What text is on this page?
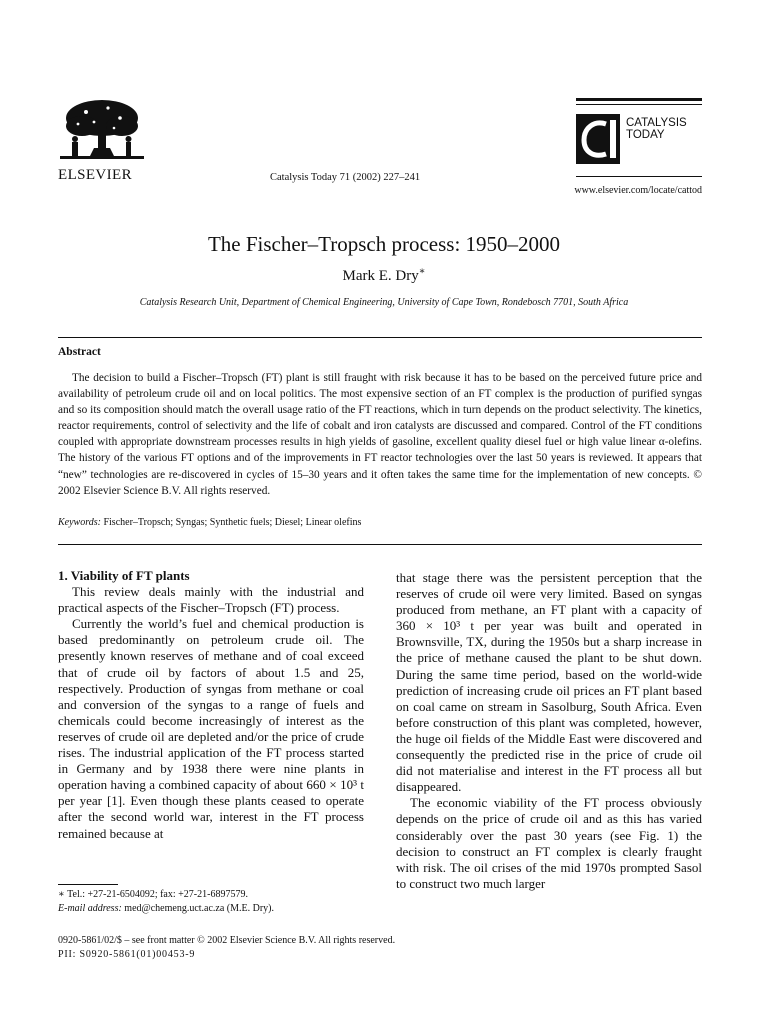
ELSEVIER	Catalysis Today 71 (2002) 227–241
CATALYSIS
TODAY
www.elsevier.com/locate/cattod
The Fischer–Tropsch process: 1950–2000
Mark E. Dry∗
Catalysis Research Unit, Department of Chemical Engineering, University of Cape Town, Rondebosch 7701, South Africa
Abstract

The decision to build a Fischer–Tropsch (FT) plant is still fraught with risk because it has to be based on the perceived future price and availability of petroleum crude oil and on local politics. The most expensive section of an FT complex is the production of purified syngas and so its composition should match the overall usage ratio of the FT reactions, which in turn depends on the product selectivity. The kinetics, reactor requirements, control of selectivity and the life of cobalt and iron catalysts are discussed and compared. Control of the FT conditions coupled with appropriate downstream processes results in high yields of gasoline, excellent quality diesel fuel or high value linear α-olefins. The history of the various FT options and of the improvements in FT reactor technologies over the last 50 years is reviewed. It appears that “new” technologies are re-discovered in cycles of 15–30 years and it often takes the same time for the implementation of new concepts. © 2002 Elsevier Science B.V. All rights reserved.

Keywords: Fischer–Tropsch; Syngas; Synthetic fuels; Diesel; Linear olefins

1. Viability of FT plants

This review deals mainly with the industrial and practical aspects of the Fischer–Tropsch (FT) process.

Currently the world’s fuel and chemical production is based predominantly on petroleum crude oil. The presently known reserves of methane and of coal exceed that of crude oil by factors of about 1.5 and 25, respectively. Production of syngas from methane or coal and conversion of the syngas to a range of fuels and chemicals could become increasingly of interest as the reserves of crude oil are depleted and/or the price of crude rises. The industrial application of the FT process started in Germany and by 1938 there were nine plants in operation having a combined capacity of about 660 × 10³ t per year [1]. Even though these plants ceased to operate after the second world war, interest in the FT process remained because at

that stage there was the persistent perception that the reserves of crude oil were very limited. Based on syngas produced from methane, an FT plant with a capacity of 360 × 10³ t per year was built and operated in Brownsville, TX, during the 1950s but a sharp increase in the price of methane caused the plant to be shut down. During the same time period, based on the world-wide prediction of increasing crude oil prices an FT plant based on coal came on stream in Sasolburg, South Africa. Even before construction of this plant was completed, however, the huge oil fields of the Middle East were discovered and consequently the predicted rise in the price of crude oil did not materialise and interest in the FT process all but disappeared.

The economic viability of the FT process obviously depends on the price of crude oil and as this has varied considerably over the past 30 years (see Fig. 1) the decision to construct an FT complex is clearly fraught with risk. The oil crises of the mid 1970s prompted Sasol to construct two much larger

∗ Tel.: +27-21-6504092; fax: +27-21-6897579.
E-mail address: med@chemeng.uct.ac.za (M.E. Dry).
0920-5861/02/$ – see front matter © 2002 Elsevier Science B.V. All rights reserved.
PII: S0920-5861(01)00453-9
